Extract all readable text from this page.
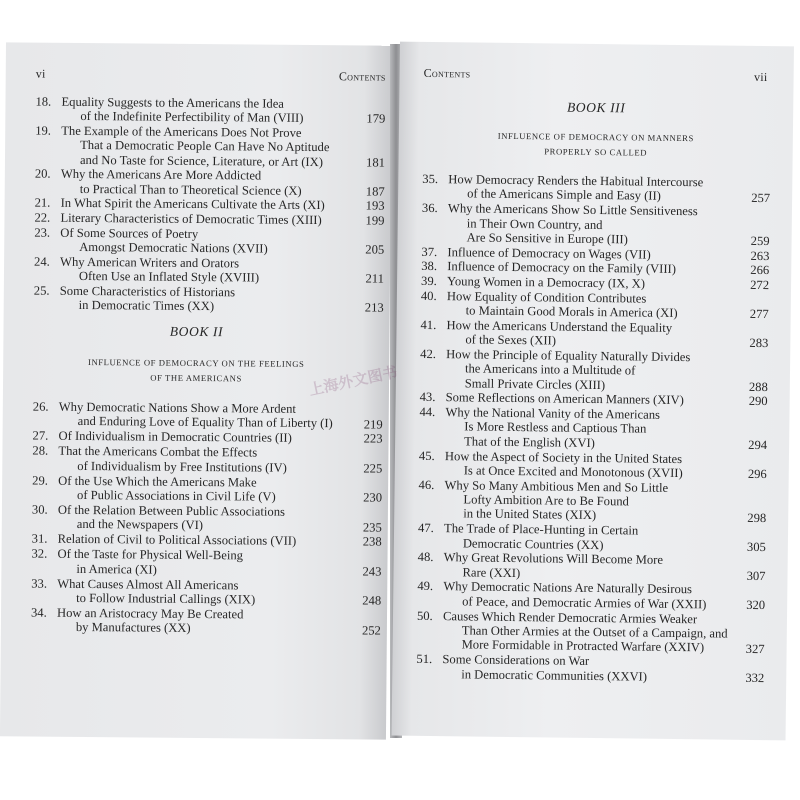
vi	Contents
18. Equality Suggests to the Americans the Idea
of the Indefinite Perfectibility of Man (VIII)	179
19. The Example of the Americans Does Not Prove
That a Democratic People Can Have No Aptitude
and No Taste for Science, Literature, or Art (IX)	181
20. Why the Americans Are More Addicted
to Practical Than to Theoretical Science (X)	187
21. In What Spirit the Americans Cultivate the Arts (XI)	193
22. Literary Characteristics of Democratic Times (XIII)	199
23. Of Some Sources of Poetry
Amongst Democratic Nations (XVII)	205
24. Why American Writers and Orators
Often Use an Inflated Style (XVIII)	211
25. Some Characteristics of Historians
in Democratic Times (XX)	213
BOOK II
INFLUENCE OF DEMOCRACY ON THE FEELINGS
OF THE AMERICANS
26. Why Democratic Nations Show a More Ardent
and Enduring Love of Equality Than of Liberty (I)	219
27. Of Individualism in Democratic Countries (II)	223
28. That the Americans Combat the Effects
of Individualism by Free Institutions (IV)	225
29. Of the Use Which the Americans Make
of Public Associations in Civil Life (V)	230
30. Of the Relation Between Public Associations
and the Newspapers (VI)	235
31. Relation of Civil to Political Associations (VII)	238
32. Of the Taste for Physical Well-Being
in America (XI)	243
33. What Causes Almost All Americans
to Follow Industrial Callings (XIX)	248
34. How an Aristocracy May Be Created
by Manufactures (XX)	252
Contents	vii
BOOK III
INFLUENCE OF DEMOCRACY ON MANNERS
PROPERLY SO CALLED
35. How Democracy Renders the Habitual Intercourse
of the Americans Simple and Easy (II)	257
36. Why the Americans Show So Little Sensitiveness
in Their Own Country, and
Are So Sensitive in Europe (III)	259
37. Influence of Democracy on Wages (VII)	263
38. Influence of Democracy on the Family (VIII)	266
39. Young Women in a Democracy (IX, X)	272
40. How Equality of Condition Contributes
to Maintain Good Morals in America (XI)	277
41. How the Americans Understand the Equality
of the Sexes (XII)	283
42. How the Principle of Equality Naturally Divides
the Americans into a Multitude of
Small Private Circles (XIII)	288
43. Some Reflections on American Manners (XIV)	290
44. Why the National Vanity of the Americans
Is More Restless and Captious Than
That of the English (XVI)	294
45. How the Aspect of Society in the United States
Is at Once Excited and Monotonous (XVII)	296
46. Why So Many Ambitious Men and So Little
Lofty Ambition Are to Be Found
in the United States (XIX)	298
47. The Trade of Place-Hunting in Certain
Democratic Countries (XX)	305
48. Why Great Revolutions Will Become More
Rare (XXI)	307
49. Why Democratic Nations Are Naturally Desirous
of Peace, and Democratic Armies of War (XXII)	320
50. Causes Which Render Democratic Armies Weaker
Than Other Armies at the Outset of a Campaign, and
More Formidable in Protracted Warfare (XXIV)	327
51. Some Considerations on War
in Democratic Communities (XXVI)	332
上海外文图书
